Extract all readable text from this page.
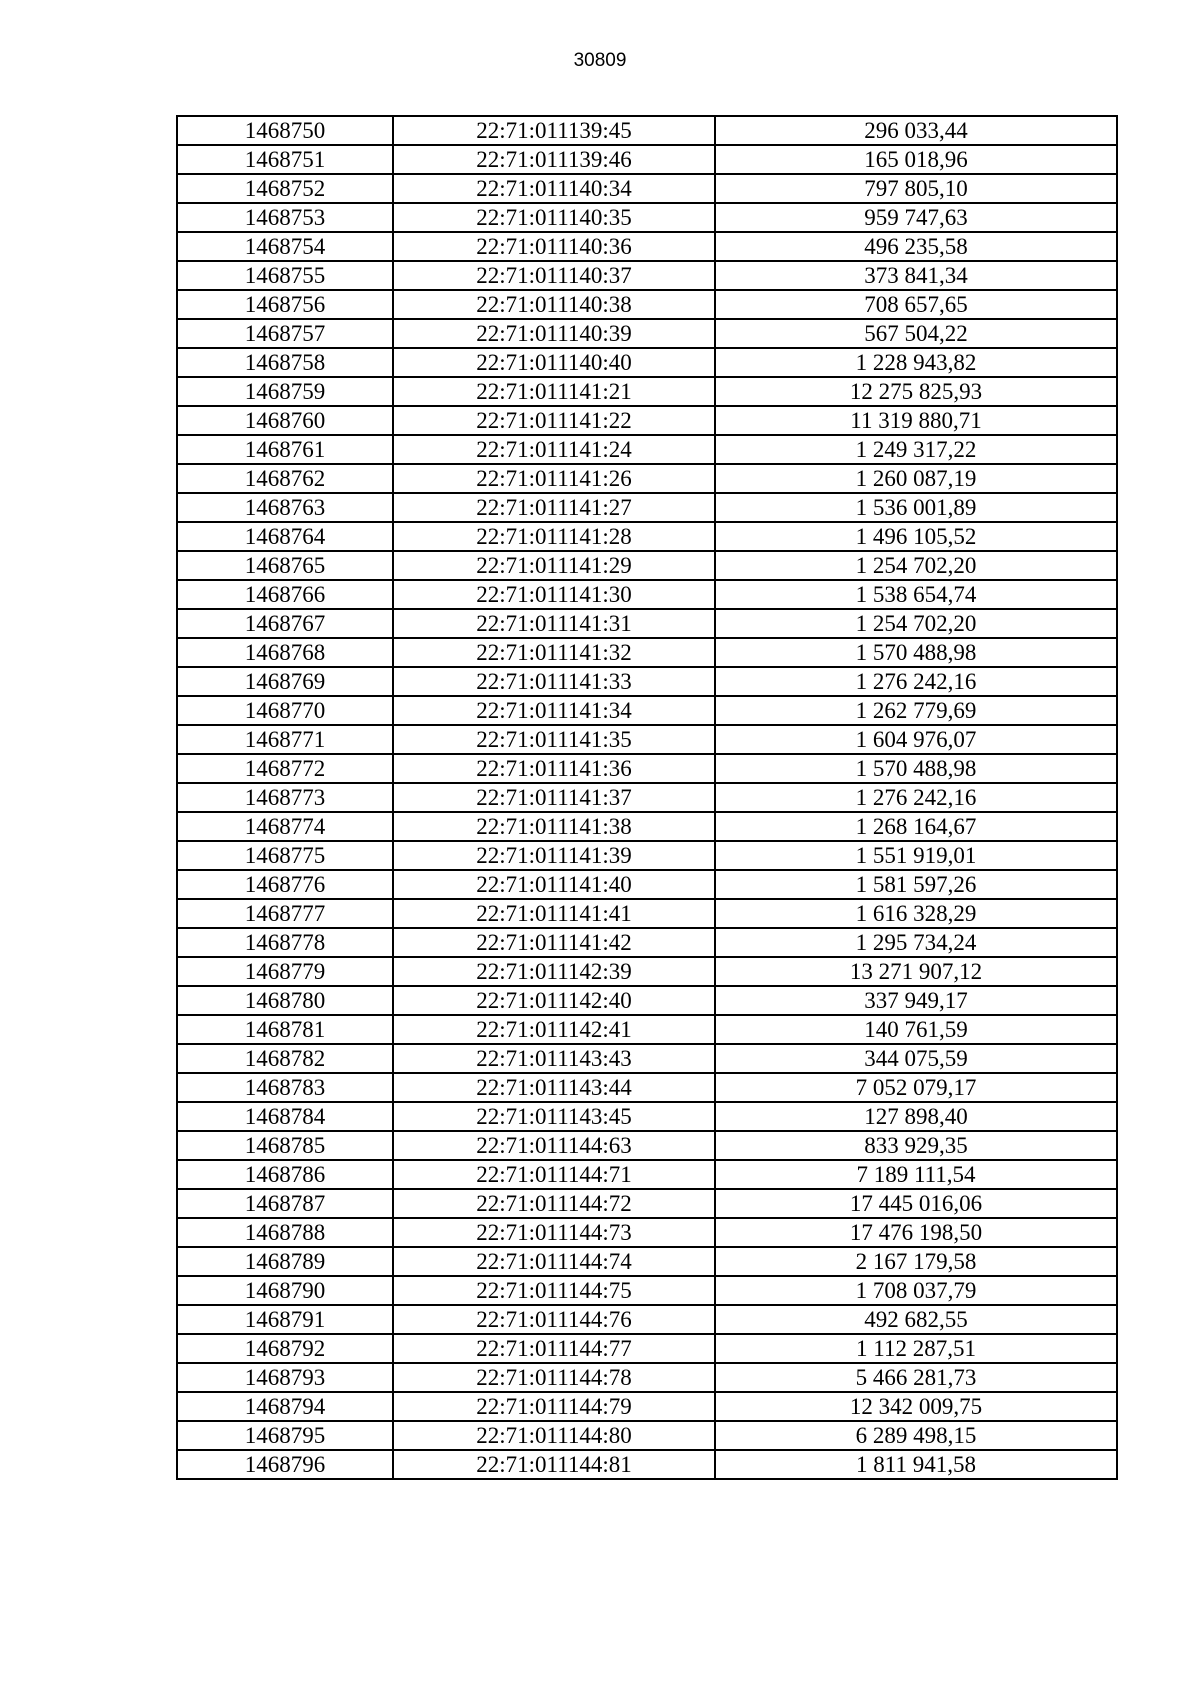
30809
1468750	22:71:011139:45	296 033,44
1468751	22:71:011139:46	165 018,96
1468752	22:71:011140:34	797 805,10
1468753	22:71:011140:35	959 747,63
1468754	22:71:011140:36	496 235,58
1468755	22:71:011140:37	373 841,34
1468756	22:71:011140:38	708 657,65
1468757	22:71:011140:39	567 504,22
1468758	22:71:011140:40	1 228 943,82
1468759	22:71:011141:21	12 275 825,93
1468760	22:71:011141:22	11 319 880,71
1468761	22:71:011141:24	1 249 317,22
1468762	22:71:011141:26	1 260 087,19
1468763	22:71:011141:27	1 536 001,89
1468764	22:71:011141:28	1 496 105,52
1468765	22:71:011141:29	1 254 702,20
1468766	22:71:011141:30	1 538 654,74
1468767	22:71:011141:31	1 254 702,20
1468768	22:71:011141:32	1 570 488,98
1468769	22:71:011141:33	1 276 242,16
1468770	22:71:011141:34	1 262 779,69
1468771	22:71:011141:35	1 604 976,07
1468772	22:71:011141:36	1 570 488,98
1468773	22:71:011141:37	1 276 242,16
1468774	22:71:011141:38	1 268 164,67
1468775	22:71:011141:39	1 551 919,01
1468776	22:71:011141:40	1 581 597,26
1468777	22:71:011141:41	1 616 328,29
1468778	22:71:011141:42	1 295 734,24
1468779	22:71:011142:39	13 271 907,12
1468780	22:71:011142:40	337 949,17
1468781	22:71:011142:41	140 761,59
1468782	22:71:011143:43	344 075,59
1468783	22:71:011143:44	7 052 079,17
1468784	22:71:011143:45	127 898,40
1468785	22:71:011144:63	833 929,35
1468786	22:71:011144:71	7 189 111,54
1468787	22:71:011144:72	17 445 016,06
1468788	22:71:011144:73	17 476 198,50
1468789	22:71:011144:74	2 167 179,58
1468790	22:71:011144:75	1 708 037,79
1468791	22:71:011144:76	492 682,55
1468792	22:71:011144:77	1 112 287,51
1468793	22:71:011144:78	5 466 281,73
1468794	22:71:011144:79	12 342 009,75
1468795	22:71:011144:80	6 289 498,15
1468796	22:71:011144:81	1 811 941,58
